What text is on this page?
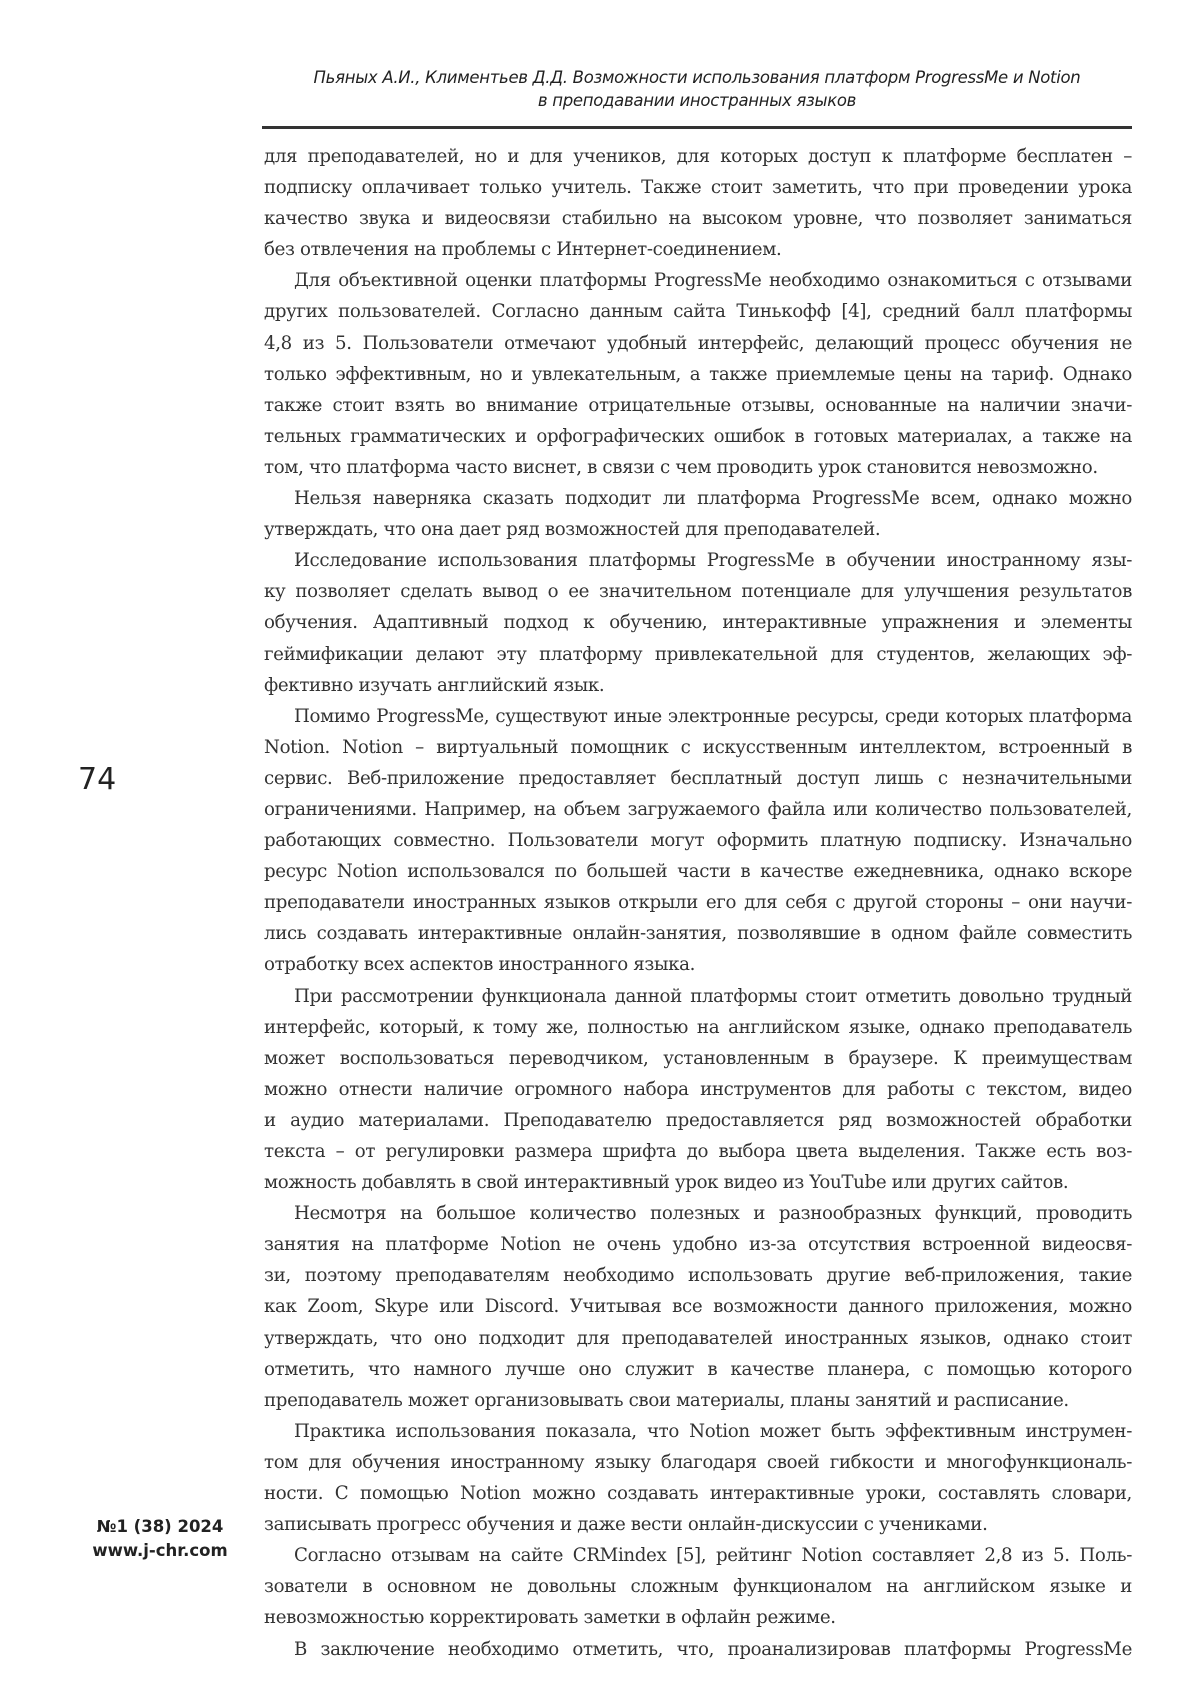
Пьяных А.И., Климентьев Д.Д. Возможности использования платформ ProgressMe и Notion
в преподавании иностранных языков
74
№1 (38) 2024
www.j-chr.com
для преподавателей, но и для учеников, для которых доступ к платформе бесплатен –
подписку оплачивает только учитель. Также стоит заметить, что при проведении урока
качество звука и видеосвязи стабильно на высоком уровне, что позволяет заниматься
без отвлечения на проблемы с Интернет-соединением.
Для объективной оценки платформы ProgressMe необходимо ознакомиться с отзывами
других пользователей. Согласно данным сайта Тинькофф [4], средний балл платформы
4,8 из 5. Пользователи отмечают удобный интерфейс, делающий процесс обучения не
только эффективным, но и увлекательным, а также приемлемые цены на тариф. Однако
также стоит взять во внимание отрицательные отзывы, основанные на наличии значи-
тельных грамматических и орфографических ошибок в готовых материалах, а также на
том, что платформа часто виснет, в связи с чем проводить урок становится невозможно.
Нельзя наверняка сказать подходит ли платформа ProgressMe всем, однако можно
утверждать, что она дает ряд возможностей для преподавателей.
Исследование использования платформы ProgressMe в обучении иностранному язы-
ку позволяет сделать вывод о ее значительном потенциале для улучшения результатов
обучения. Адаптивный подход к обучению, интерактивные упражнения и элементы
геймификации делают эту платформу привлекательной для студентов, желающих эф-
фективно изучать английский язык.
Помимо ProgressMe, существуют иные электронные ресурсы, среди которых платформа
Notion. Notion – виртуальный помощник с искусственным интеллектом, встроенный в
сервис. Веб-приложение предоставляет бесплатный доступ лишь с незначительными
ограничениями. Например, на объем загружаемого файла или количество пользователей,
работающих совместно. Пользователи могут оформить платную подписку. Изначально
ресурс Notion использовался по большей части в качестве ежедневника, однако вскоре
преподаватели иностранных языков открыли его для себя с другой стороны – они научи-
лись создавать интерактивные онлайн-занятия, позволявшие в одном файле совместить
отработку всех аспектов иностранного языка.
При рассмотрении функционала данной платформы стоит отметить довольно трудный
интерфейс, который, к тому же, полностью на английском языке, однако преподаватель
может воспользоваться переводчиком, установленным в браузере. К преимуществам
можно отнести наличие огромного набора инструментов для работы с текстом, видео
и аудио материалами. Преподавателю предоставляется ряд возможностей обработки
текста – от регулировки размера шрифта до выбора цвета выделения. Также есть воз-
можность добавлять в свой интерактивный урок видео из YouTube или других сайтов.
Несмотря на большое количество полезных и разнообразных функций, проводить
занятия на платформе Notion не очень удобно из-за отсутствия встроенной видеосвя-
зи, поэтому преподавателям необходимо использовать другие веб-приложения, такие
как Zoom, Skype или Discord. Учитывая все возможности данного приложения, можно
утверждать, что оно подходит для преподавателей иностранных языков, однако стоит
отметить, что намного лучше оно служит в качестве планера, с помощью которого
преподаватель может организовывать свои материалы, планы занятий и расписание.
Практика использования показала, что Notion может быть эффективным инструмен-
том для обучения иностранному языку благодаря своей гибкости и многофункциональ-
ности. С помощью Notion можно создавать интерактивные уроки, составлять словари,
записывать прогресс обучения и даже вести онлайн-дискуссии с учениками.
Согласно отзывам на сайте CRMindex [5], рейтинг Notion составляет 2,8 из 5. Поль-
зователи в основном не довольны сложным функционалом на английском языке и
невозможностью корректировать заметки в офлайн режиме.
В заключение необходимо отметить, что, проанализировав платформы ProgressMe
